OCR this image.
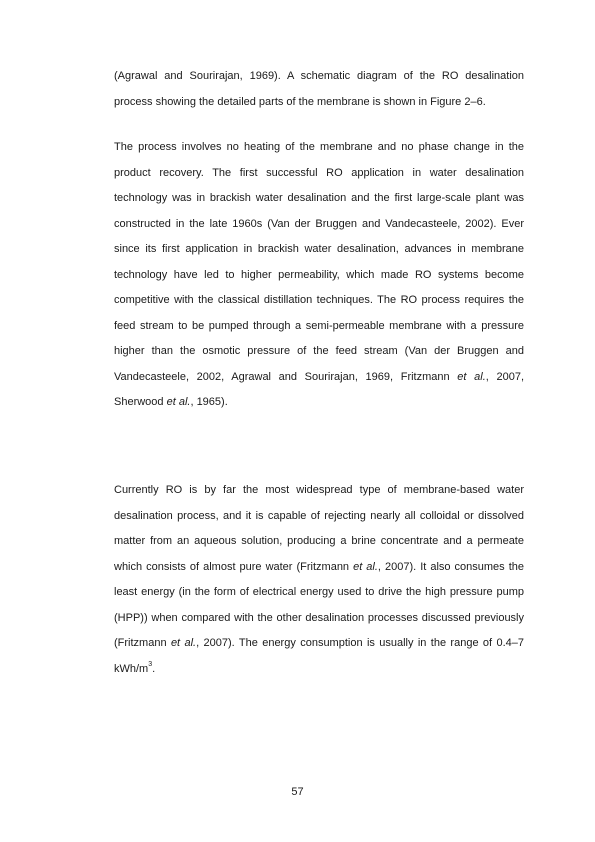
(Agrawal and Sourirajan, 1969). A schematic diagram of the RO desalination process showing the detailed parts of the membrane is shown in Figure 2–6.

The process involves no heating of the membrane and no phase change in the product recovery. The first successful RO application in water desalination technology was in brackish water desalination and the first large-scale plant was constructed in the late 1960s (Van der Bruggen and Vandecasteele, 2002). Ever since its first application in brackish water desalination, advances in membrane technology have led to higher permeability, which made RO systems become competitive with the classical distillation techniques. The RO process requires the feed stream to be pumped through a semi-permeable membrane with a pressure higher than the osmotic pressure of the feed stream (Van der Bruggen and Vandecasteele, 2002, Agrawal and Sourirajan, 1969, Fritzmann et al., 2007, Sherwood et al., 1965).

Currently RO is by far the most widespread type of membrane-based water desalination process, and it is capable of rejecting nearly all colloidal or dissolved matter from an aqueous solution, producing a brine concentrate and a permeate which consists of almost pure water (Fritzmann et al., 2007). It also consumes the least energy (in the form of electrical energy used to drive the high pressure pump (HPP)) when compared with the other desalination processes discussed previously (Fritzmann et al., 2007). The energy consumption is usually in the range of 0.4–7 kWh/$m^3$.

57
